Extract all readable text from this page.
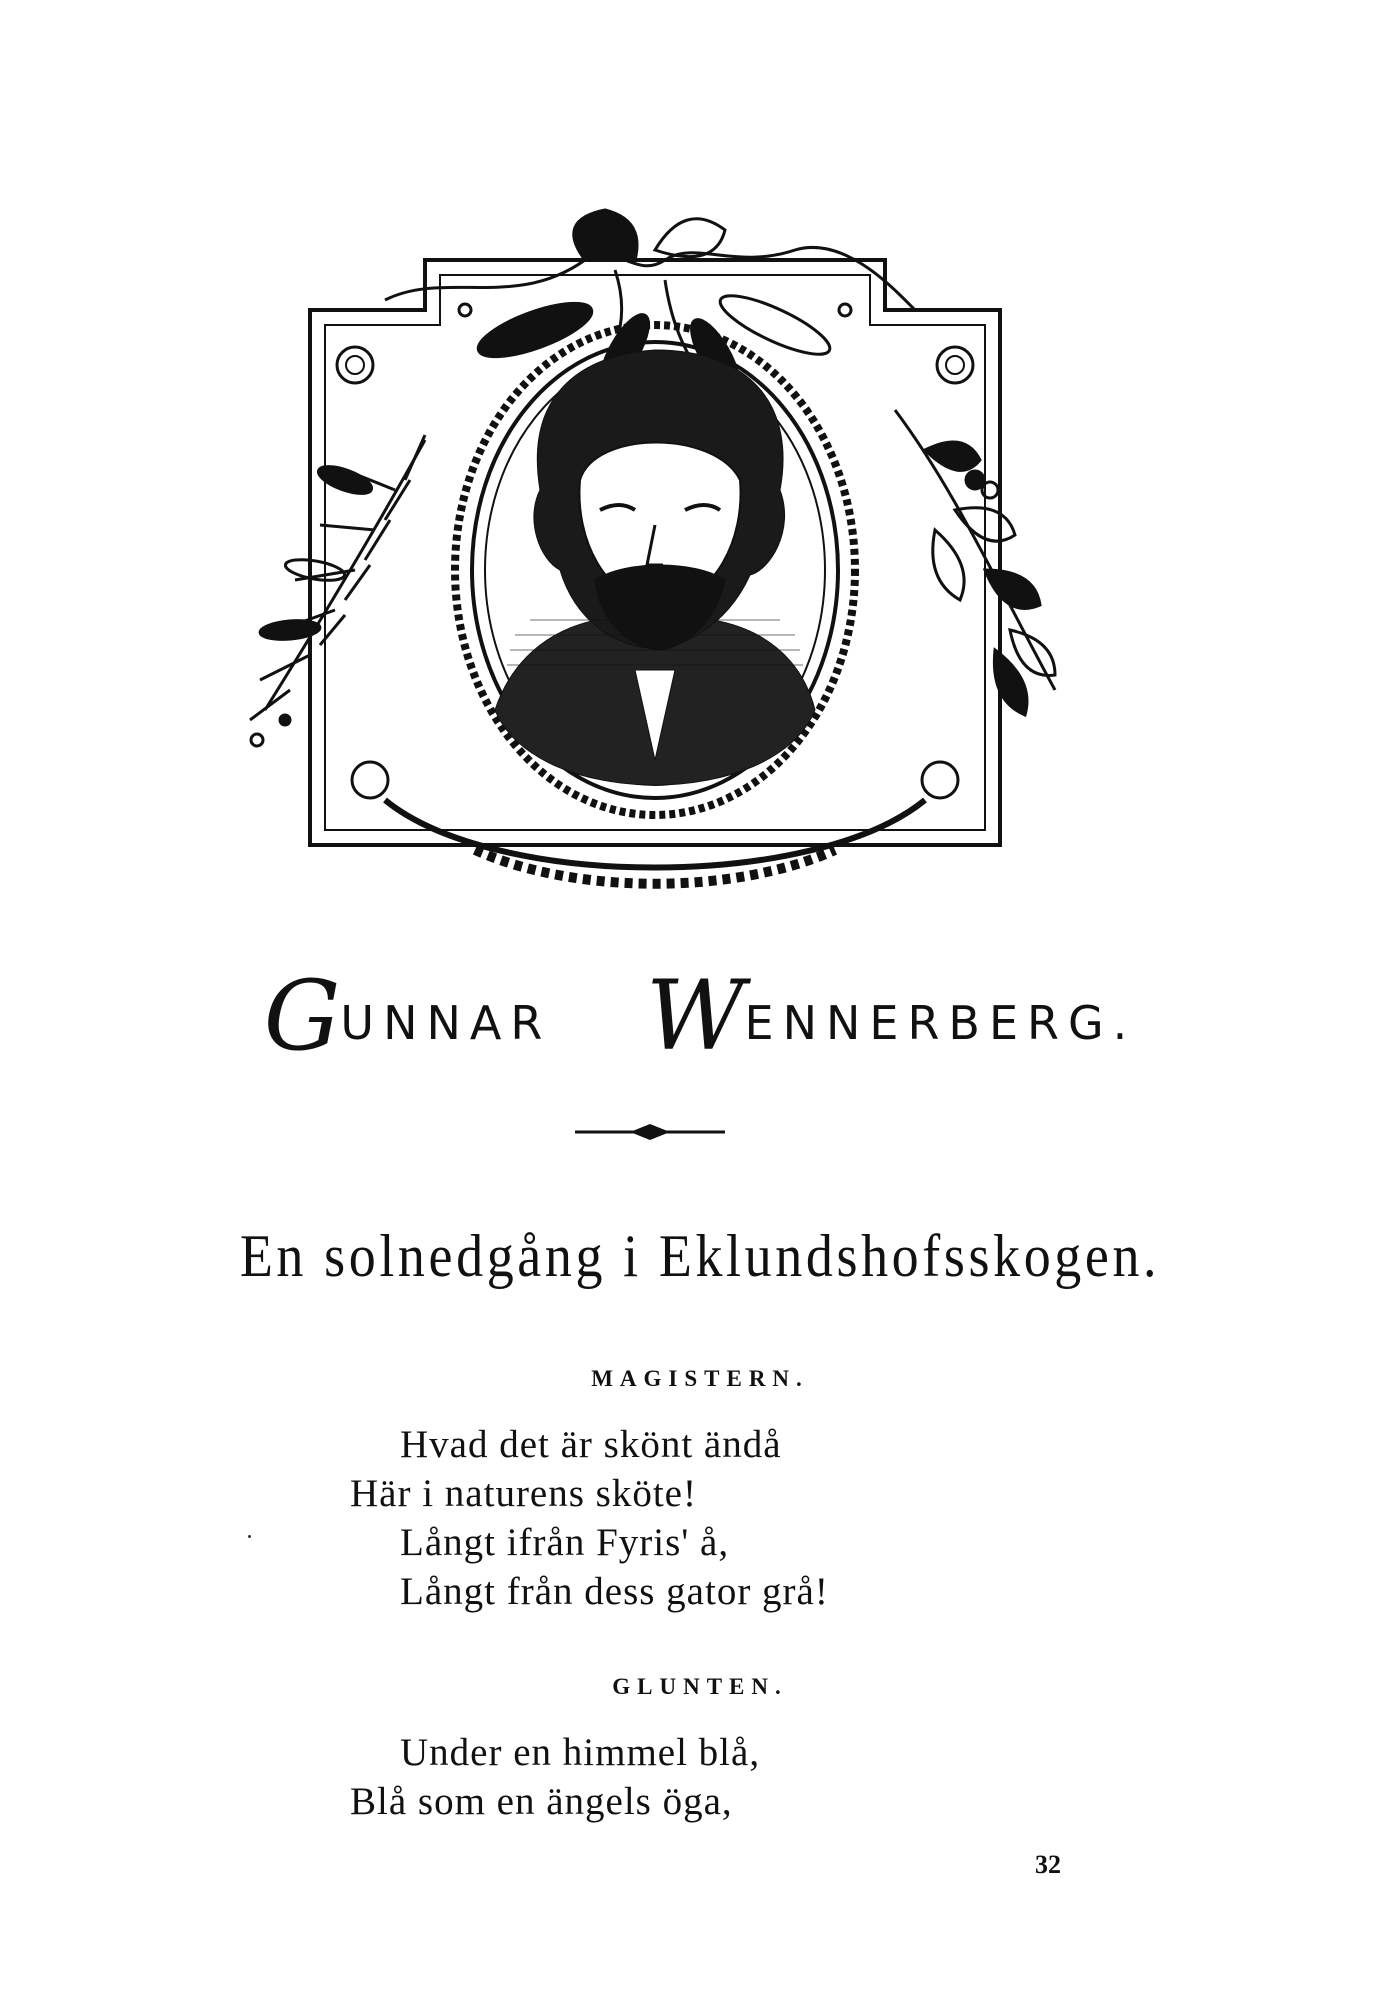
GUNNAR WENNERBERG.
En solnedgång i Eklundshofsskogen.
MAGISTERN.
Hvad det är skönt ändå
Här i naturens sköte!
Långt ifrån Fyris' å,
Långt från dess gator grå!
GLUNTEN.
Under en himmel blå,
Blå som en ängels öga,
32
